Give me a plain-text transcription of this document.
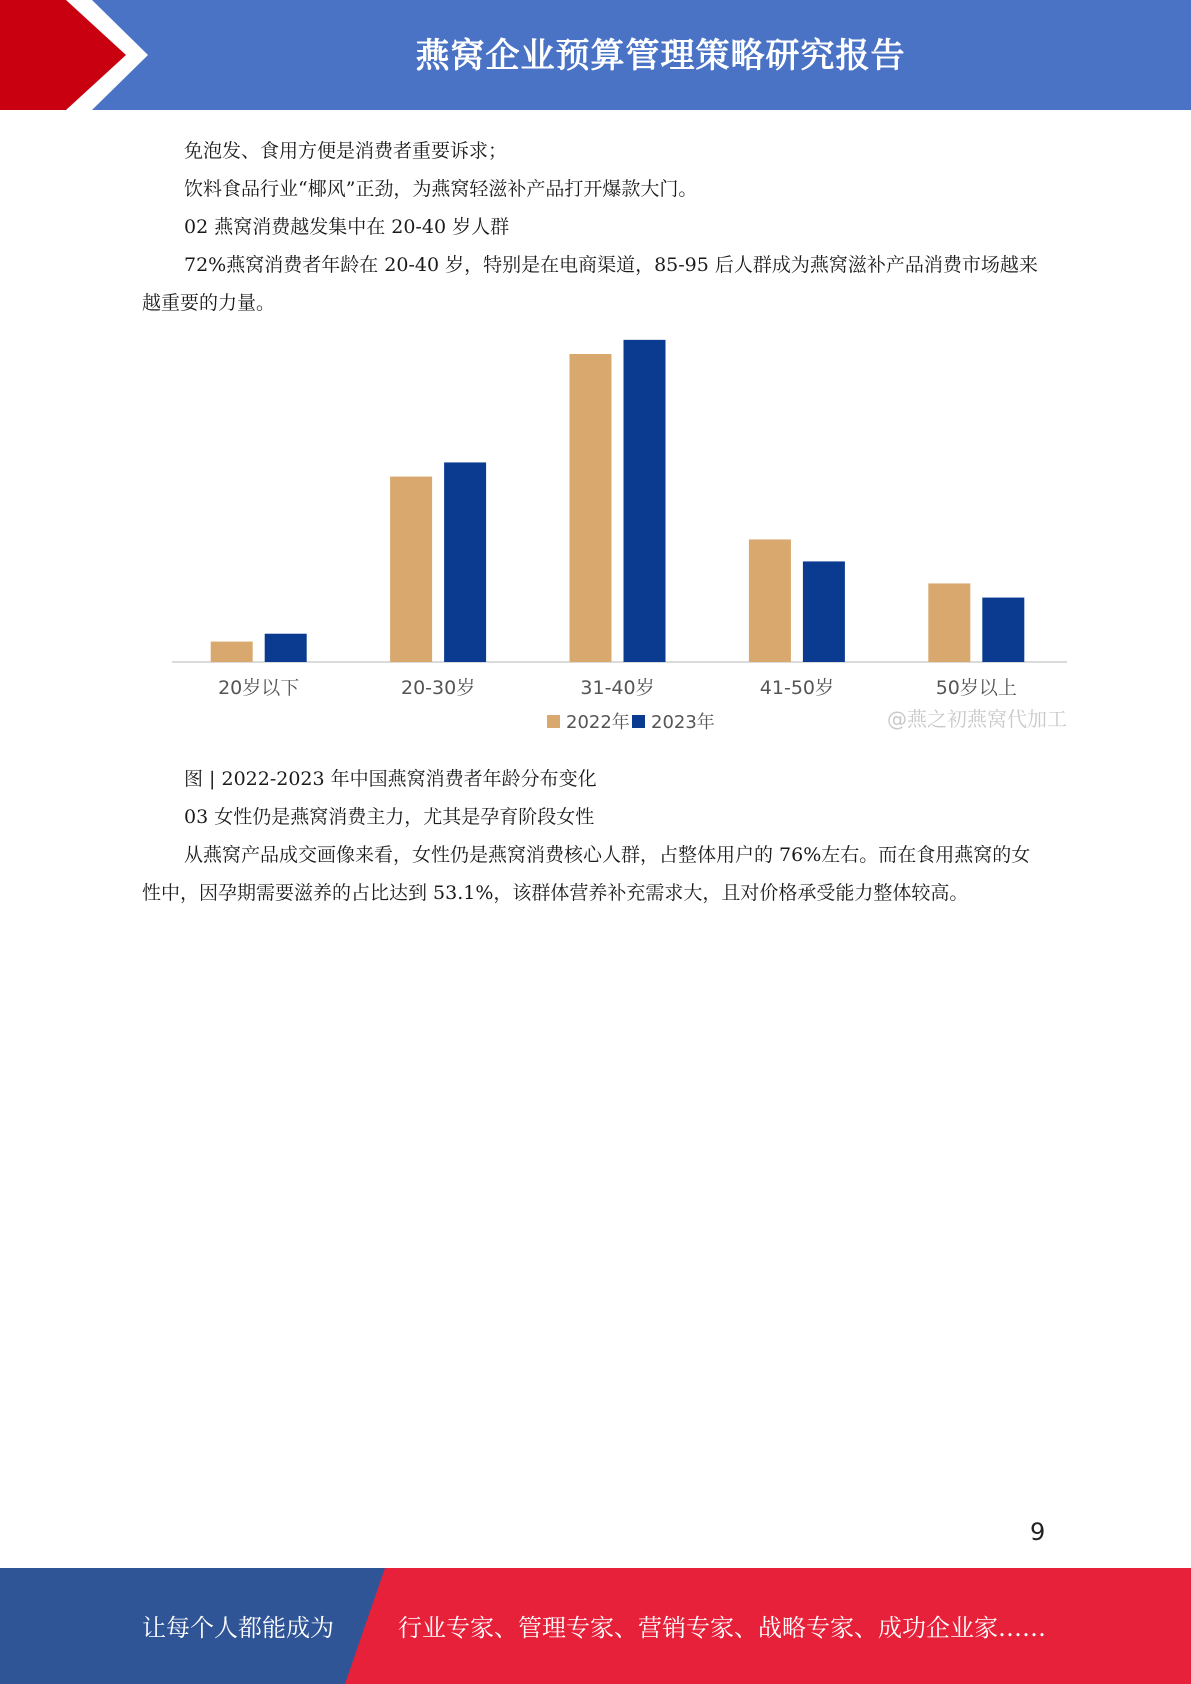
燕窝企业预算管理策略研究报告

免泡发、食用方便是消费者重要诉求；

饮料食品行业“椰风”正劲，为燕窝轻滋补产品打开爆款大门。

02 燕窝消费越发集中在 20-40 岁人群

72%燕窝消费者年龄在 20-40 岁，特别是在电商渠道，85-95 后人群成为燕窝滋补产品消费市场越来越重要的力量。

20岁以下	20-30岁	31-40岁	41-50岁	50岁以上
2022年 2023年	@燕之初燕窝代加工

图 | 2022-2023 年中国燕窝消费者年龄分布变化

03 女性仍是燕窝消费主力，尤其是孕育阶段女性

从燕窝产品成交画像来看，女性仍是燕窝消费核心人群，占整体用户的 76%左右。而在食用燕窝的女性中，因孕期需要滋养的占比达到 53.1%，该群体营养补充需求大，且对价格承受能力整体较高。

9
让每个人都能成为	行业专家、管理专家、营销专家、战略专家、成功企业家……
